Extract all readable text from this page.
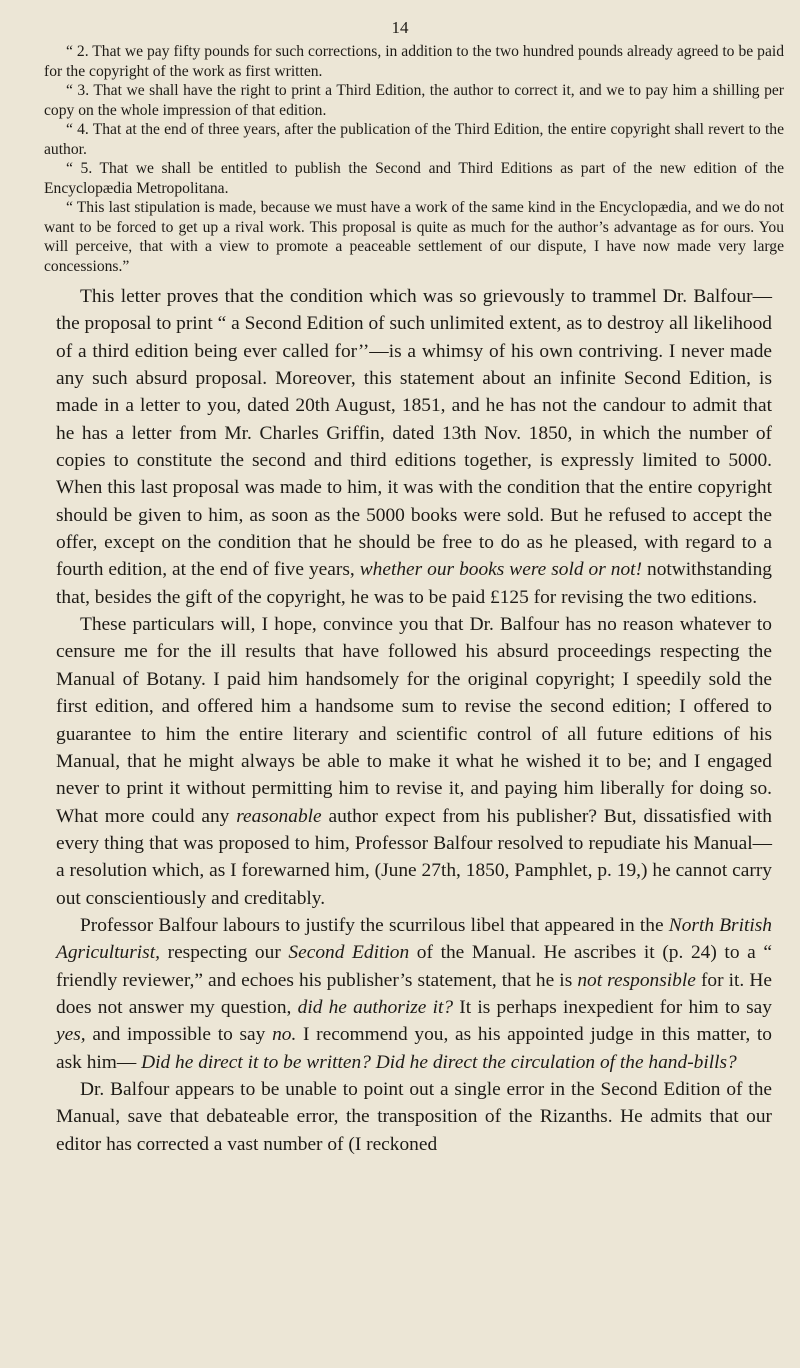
14

“ 2. That we pay fifty pounds for such corrections, in addition to the two hundred pounds already agreed to be paid for the copyright of the work as first written.

“ 3. That we shall have the right to print a Third Edition, the author to correct it, and we to pay him a shilling per copy on the whole impression of that edition.

“ 4. That at the end of three years, after the publication of the Third Edition, the entire copyright shall revert to the author.

“ 5. That we shall be entitled to publish the Second and Third Editions as part of the new edition of the Encyclopædia Metropolitana.

“ This last stipulation is made, because we must have a work of the same kind in the Encyclopædia, and we do not want to be forced to get up a rival work. This proposal is quite as much for the author’s advantage as for ours. You will perceive, that with a view to promote a peaceable settlement of our dispute, I have now made very large concessions.”

This letter proves that the condition which was so grievously to trammel Dr. Balfour—the proposal to print “ a Second Edition of such unlimited extent, as to destroy all likelihood of a third edition being ever called for’’—is a whimsy of his own contriving. I never made any such absurd proposal. Moreover, this statement about an infinite Second Edition, is made in a letter to you, dated 20th August, 1851, and he has not the candour to admit that he has a letter from Mr. Charles Griffin, dated 13th Nov. 1850, in which the number of copies to constitute the second and third editions together, is expressly limited to 5000. When this last proposal was made to him, it was with the condition that the entire copyright should be given to him, as soon as the 5000 books were sold. But he refused to accept the offer, except on the condition that he should be free to do as he pleased, with regard to a fourth edition, at the end of five years, whether our books were sold or not! notwithstanding that, besides the gift of the copyright, he was to be paid £125 for revising the two editions.

These particulars will, I hope, convince you that Dr. Balfour has no reason whatever to censure me for the ill results that have followed his absurd proceedings respecting the Manual of Botany. I paid him handsomely for the original copyright; I speedily sold the first edition, and offered him a handsome sum to revise the second edition; I offered to guarantee to him the entire literary and scientific control of all future editions of his Manual, that he might always be able to make it what he wished it to be; and I engaged never to print it without permitting him to revise it, and paying him liberally for doing so. What more could any reasonable author expect from his publisher? But, dissatisfied with every thing that was proposed to him, Professor Balfour resolved to repudiate his Manual—a resolution which, as I forewarned him, (June 27th, 1850, Pamphlet, p. 19,) he cannot carry out conscientiously and creditably.

Professor Balfour labours to justify the scurrilous libel that appeared in the North British Agriculturist, respecting our Second Edition of the Manual. He ascribes it (p. 24) to a “ friendly reviewer,” and echoes his publisher’s statement, that he is not responsible for it. He does not answer my question, did he authorize it? It is perhaps inexpedient for him to say yes, and impossible to say no. I recommend you, as his appointed judge in this matter, to ask him— Did he direct it to be written? Did he direct the circulation of the hand-bills?

Dr. Balfour appears to be unable to point out a single error in the Second Edition of the Manual, save that debateable error, the transposition of the Rizanths. He admits that our editor has corrected a vast number of (I reckoned
